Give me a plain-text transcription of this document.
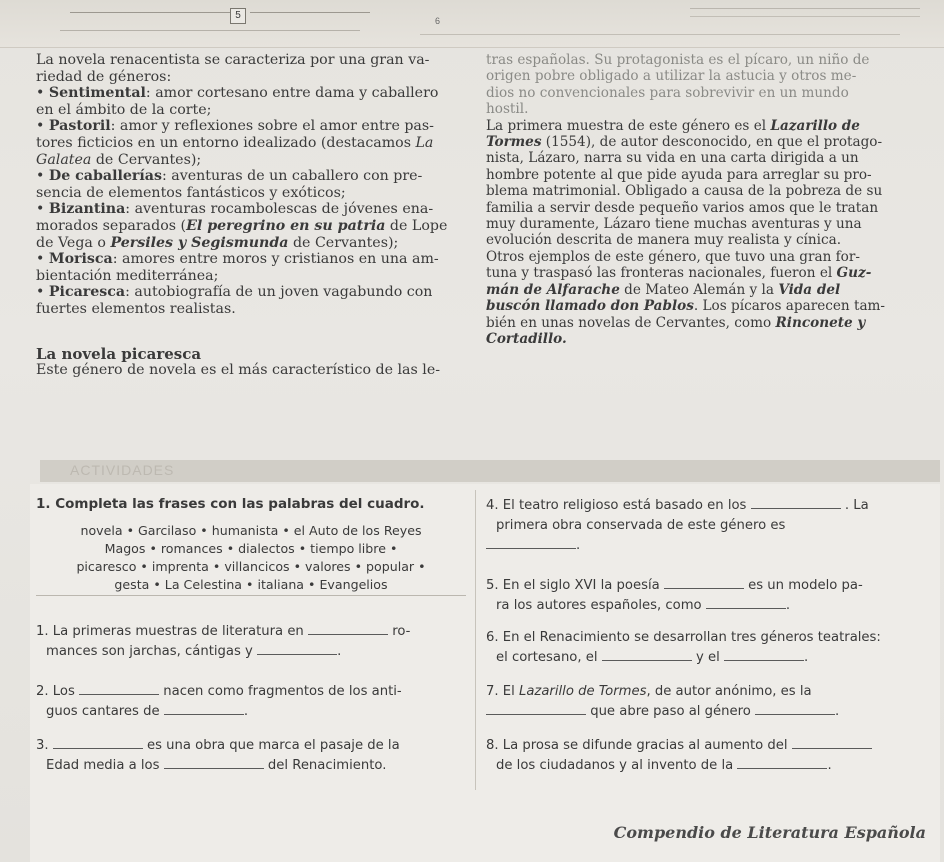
5	6

La novela renacentista se caracteriza por una gran va-
riedad de géneros:

• Sentimental: amor cortesano entre dama y caballero
en el ámbito de la corte;

• Pastoril: amor y reflexiones sobre el amor entre pas-
tores ficticios en un entorno idealizado (destacamos La
Galatea de Cervantes);

• De caballerías: aventuras de un caballero con pre-
sencia de elementos fantásticos y exóticos;

• Bizantina: aventuras rocambolescas de jóvenes ena-
morados separados (El peregrino en su patria de Lope
de Vega o Persiles y Segismunda de Cervantes);

• Morisca: amores entre moros y cristianos en una am-
bientación mediterránea;

• Picaresca: autobiografía de un joven vagabundo con
fuertes elementos realistas.

La novela picaresca

Este género de novela es el más característico de las le-

tras españolas. Su protagonista es el pícaro, un niño de
origen pobre obligado a utilizar la astucia y otros me-
dios no convencionales para sobrevivir en un mundo
hostil.

La primera muestra de este género es el Lazarillo de
Tormes (1554), de autor desconocido, en que el protago-
nista, Lázaro, narra su vida en una carta dirigida a un
hombre potente al que pide ayuda para arreglar su pro-
blema matrimonial. Obligado a causa de la pobreza de su
familia a servir desde pequeño varios amos que le tratan
muy duramente, Lázaro tiene muchas aventuras y una
evolución descrita de manera muy realista y cínica.
Otros ejemplos de este género, que tuvo una gran for-
tuna y traspasó las fronteras nacionales, fueron el Guz-
mán de Alfarache de Mateo Alemán y la Vida del
buscón llamado don Pablos. Los pícaros aparecen tam-
bién en unas novelas de Cervantes, como Rinconete y
Cortadillo.

ACTIVIDADES
1. Completa las frases con las palabras del cuadro.
novela • Garcilaso • humanista • el Auto de los Reyes
Magos • romances • dialectos • tiempo libre •
picaresco • imprenta • villancicos • valores • popular •
gesta • La Celestina • italiana • Evangelios
1. La primeras muestras de literatura en	ro-
mances son jarchas, cántigas y	.
2. Los	nacen como fragmentos de los anti-
guos cantares de	.
3.	es una obra que marca el pasaje de la
Edad media a los	del Renacimiento.
4. El teatro religioso está basado en los	. La
primera obra conservada de este género es
.
5. En el siglo XVI la poesía	es un modelo pa-
ra los autores españoles, como	.
6. En el Renacimiento se desarrollan tres géneros teatrales:
el cortesano, el	y el	.
7. El Lazarillo de Tormes, de autor anónimo, es la
que abre paso al género	.
8. La prosa se difunde gracias al aumento del
de los ciudadanos y al invento de la	.
Compendio de Literatura Española
